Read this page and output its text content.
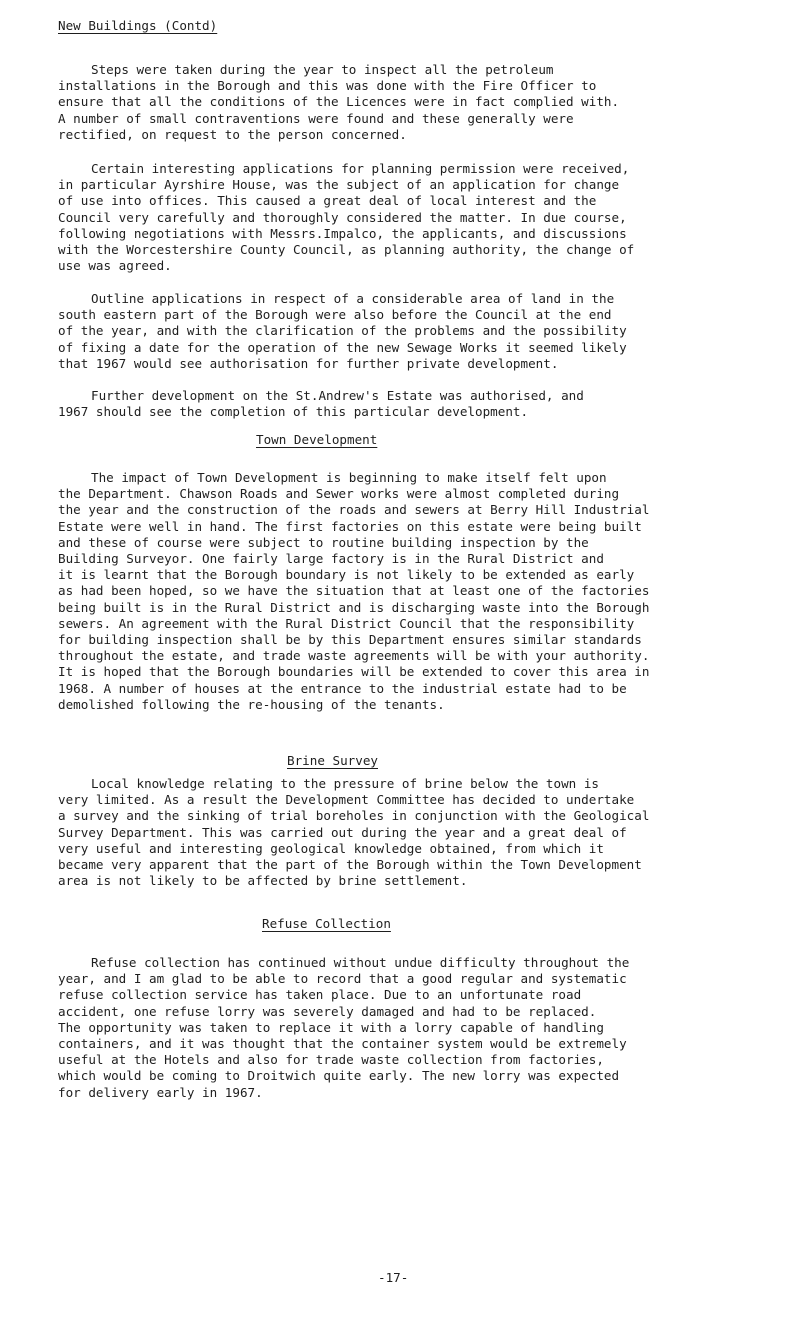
New Buildings (Contd)
Steps were taken during the year to inspect all the petroleum
installations in the Borough and this was done with the Fire Officer to
ensure that all the conditions of the Licences were in fact complied with.
A number of small contraventions were found and these generally were
rectified, on request to the person concerned.
Certain interesting applications for planning permission were received,
in particular Ayrshire House, was the subject of an application for change
of use into offices. This caused a great deal of local interest and the
Council very carefully and thoroughly considered the matter. In due course,
following negotiations with Messrs.Impalco, the applicants, and discussions
with the Worcestershire County Council, as planning authority, the change of
use was agreed.
Outline applications in respect of a considerable area of land in the
south eastern part of the Borough were also before the Council at the end
of the year, and with the clarification of the problems and the possibility
of fixing a date for the operation of the new Sewage Works it seemed likely
that 1967 would see authorisation for further private development.
Further development on the St.Andrew's Estate was authorised, and
1967 should see the completion of this particular development.
Town Development
The impact of Town Development is beginning to make itself felt upon
the Department. Chawson Roads and Sewer works were almost completed during
the year and the construction of the roads and sewers at Berry Hill Industrial
Estate were well in hand. The first factories on this estate were being built
and these of course were subject to routine building inspection by the
Building Surveyor. One fairly large factory is in the Rural District and
it is learnt that the Borough boundary is not likely to be extended as early
as had been hoped, so we have the situation that at least one of the factories
being built is in the Rural District and is discharging waste into the Borough
sewers. An agreement with the Rural District Council that the responsibility
for building inspection shall be by this Department ensures similar standards
throughout the estate, and trade waste agreements will be with your authority.
It is hoped that the Borough boundaries will be extended to cover this area in
1968. A number of houses at the entrance to the industrial estate had to be
demolished following the re-housing of the tenants.
Brine Survey
Local knowledge relating to the pressure of brine below the town is
very limited. As a result the Development Committee has decided to undertake
a survey and the sinking of trial boreholes in conjunction with the Geological
Survey Department. This was carried out during the year and a great deal of
very useful and interesting geological knowledge obtained, from which it
became very apparent that the part of the Borough within the Town Development
area is not likely to be affected by brine settlement.
Refuse Collection
Refuse collection has continued without undue difficulty throughout the
year, and I am glad to be able to record that a good regular and systematic
refuse collection service has taken place. Due to an unfortunate road
accident, one refuse lorry was severely damaged and had to be replaced.
The opportunity was taken to replace it with a lorry capable of handling
containers, and it was thought that the container system would be extremely
useful at the Hotels and also for trade waste collection from factories,
which would be coming to Droitwich quite early. The new lorry was expected
for delivery early in 1967.
-17-
